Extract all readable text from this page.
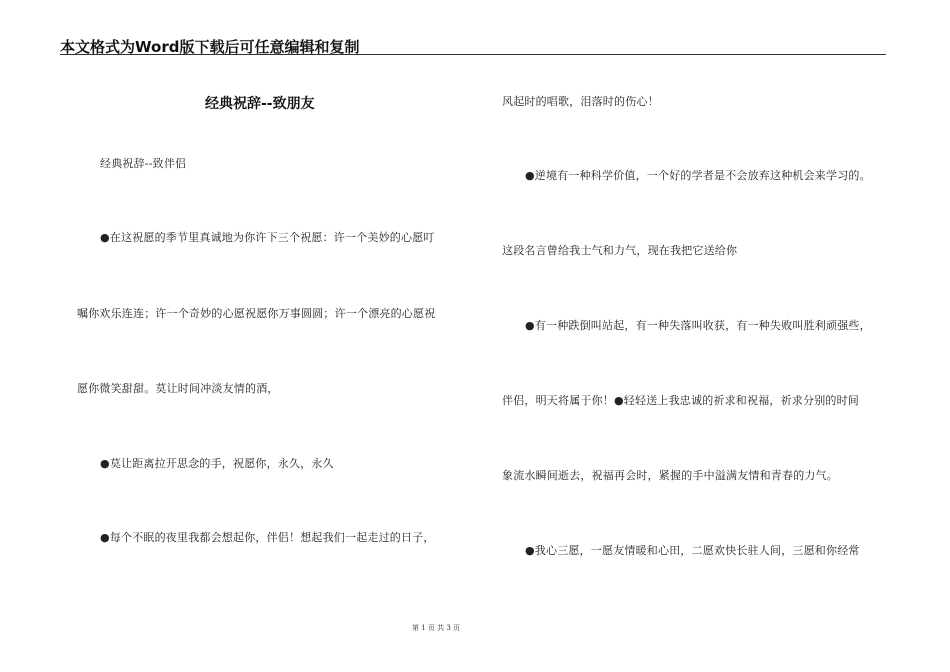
本文格式为Word版下载后可任意编辑和复制
经典祝辞--致朋友
经典祝辞--致伴侣
●在这祝愿的季节里真诚地为你许下三个祝愿：许一个美妙的心愿叮
嘱你欢乐连连；许一个奇妙的心愿祝愿你万事圆圆；许一个漂亮的心愿祝
愿你微笑甜甜。莫让时间冲淡友情的酒，
●莫让距离拉开思念的手，祝愿你，永久，永久
●每个不眠的夜里我都会想起你，伴侣！想起我们一起走过的日子，
风起时的唱歌，泪落时的伤心！
●逆境有一种科学价值，一个好的学者是不会放弃这种机会来学习的。
这段名言曾给我士气和力气，现在我把它送给你
●有一种跌倒叫站起，有一种失落叫收获，有一种失败叫胜利顽强些，
伴侣，明天将属于你！●轻轻送上我忠诚的祈求和祝福，祈求分别的时间
象流水瞬间逝去，祝福再会时，紧握的手中溢满友情和青春的力气。
●我心三愿，一愿友情暖和心田，二愿欢快长驻人间，三愿和你经常
第 1 页 共 3 页
